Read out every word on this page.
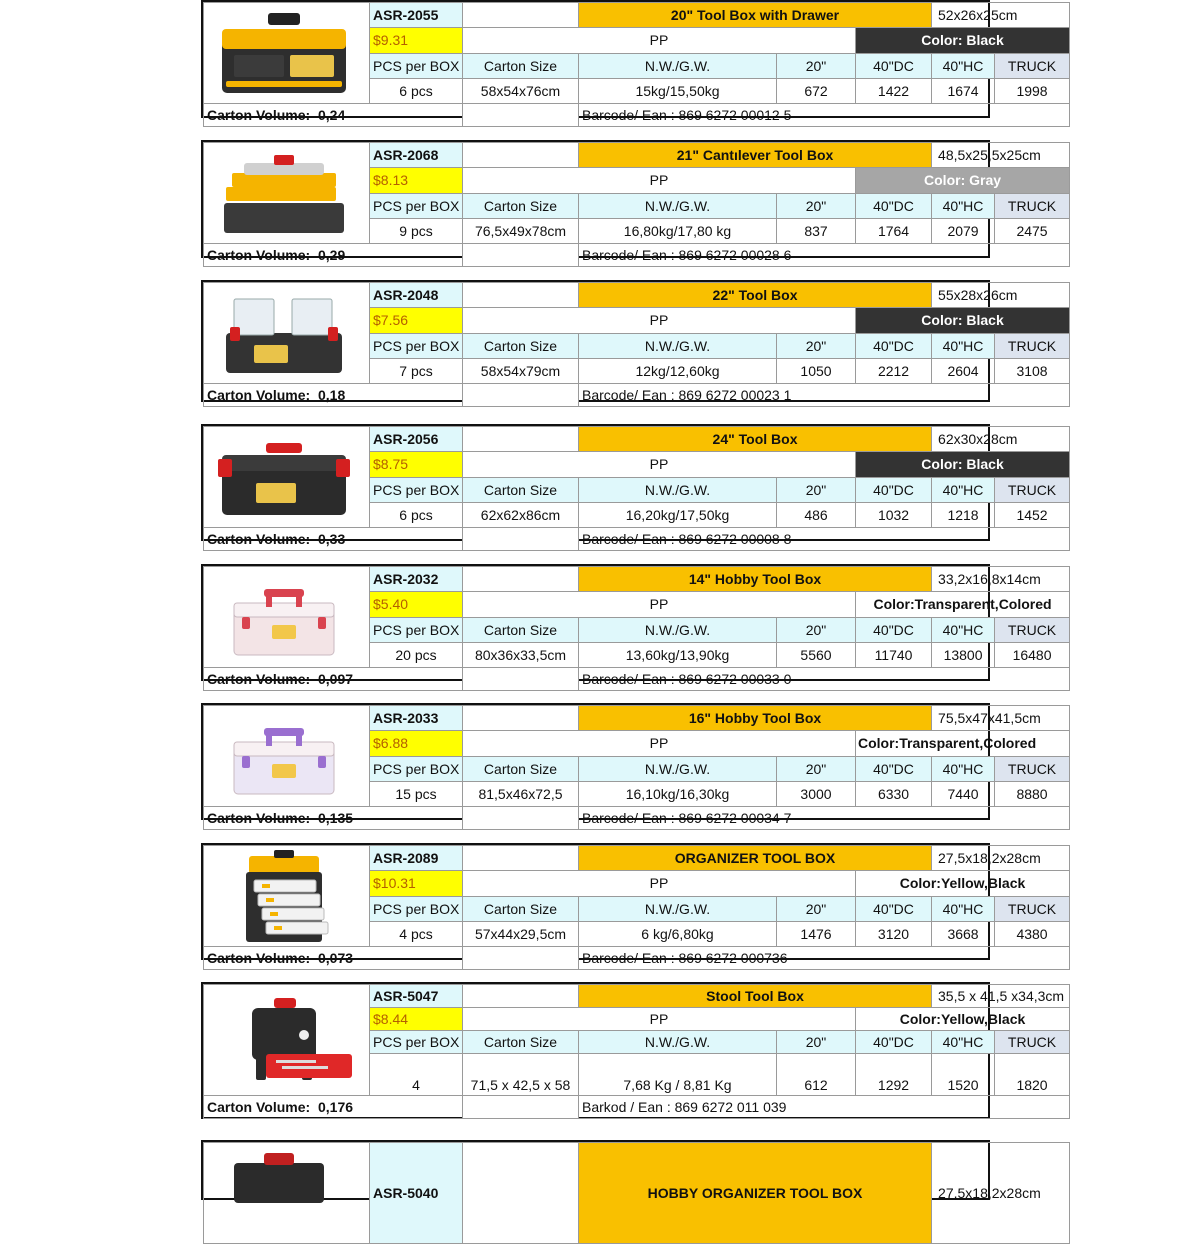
	ASR-2055		20" Tool Box with Drawer			52x26x25cm	
	$9.31	PP			Color: Black		
	PCS per BOX	Carton Size	N.W./G.W.	20"	40"DC	40"HC	TRUCK
	6 pcs	58x54x76cm	15kg/15,50kg	672	1422	1674	1998
Carton Volume: 0,24			Barcode/ Ean : 869 6272 00012 5				
	ASR-2068		21" Cantılever Tool Box			48,5x25,5x25cm	
	$8.13	PP			Color: Gray		
	PCS per BOX	Carton Size	N.W./G.W.	20"	40"DC	40"HC	TRUCK
	9 pcs	76,5x49x78cm	16,80kg/17,80 kg	837	1764	2079	2475
Carton Volume: 0,29			Barcode/ Ean : 869 6272 00028 6				
	ASR-2048		22" Tool Box			55x28x26cm	
	$7.56	PP			Color: Black		
	PCS per BOX	Carton Size	N.W./G.W.	20"	40"DC	40"HC	TRUCK
	7 pcs	58x54x79cm	12kg/12,60kg	1050	2212	2604	3108
Carton Volume: 0,18			Barcode/ Ean : 869 6272 00023 1				
	ASR-2056		24" Tool Box			62x30x28cm	
	$8.75	PP			Color: Black		
	PCS per BOX	Carton Size	N.W./G.W.	20"	40"DC	40"HC	TRUCK
	6 pcs	62x62x86cm	16,20kg/17,50kg	486	1032	1218	1452
Carton Volume: 0,33			Barcode/ Ean : 869 6272 00008 8				
	ASR-2032		14" Hobby Tool Box			33,2x16,8x14cm	
	$5.40	PP			Color:Transparent,Colored		
	PCS per BOX	Carton Size	N.W./G.W.	20"	40"DC	40"HC	TRUCK
	20 pcs	80x36x33,5cm	13,60kg/13,90kg	5560	11740	13800	16480
Carton Volume: 0,097			Barcode/ Ean : 869 6272 00033 0				
	ASR-2033		16" Hobby Tool Box			75,5x47x41,5cm	
	$6.88	PP			Color:Transparent,Colored		
	PCS per BOX	Carton Size	N.W./G.W.	20"	40"DC	40"HC	TRUCK
	15 pcs	81,5x46x72,5	16,10kg/16,30kg	3000	6330	7440	8880
Carton Volume: 0,135			Barcode/ Ean : 869 6272 00034 7				
	ASR-2089		ORGANIZER TOOL BOX			27,5x18,2x28cm	
	$10.31	PP			Color:Yellow,Black		
	PCS per BOX	Carton Size	N.W./G.W.	20"	40"DC	40"HC	TRUCK
	4 pcs	57x44x29,5cm	6 kg/6,80kg	1476	3120	3668	4380
Carton Volume: 0,073			Barcode/ Ean : 869 6272 000736				
	ASR-5047		Stool Tool Box			35,5 x 41,5 x34,3cm	
	$8.44	PP			Color:Yellow,Black		
	PCS per BOX	Carton Size	N.W./G.W.	20"	40"DC	40"HC	TRUCK
	4	71,5 x 42,5 x 58	7,68 Kg / 8,81 Kg	612	1292	1520	1820
Carton Volume: 0,176			Barkod / Ean : 869 6272 011 039				
	ASR-5040		HOBBY ORGANIZER TOOL BOX	27,5x18,2x28cm
